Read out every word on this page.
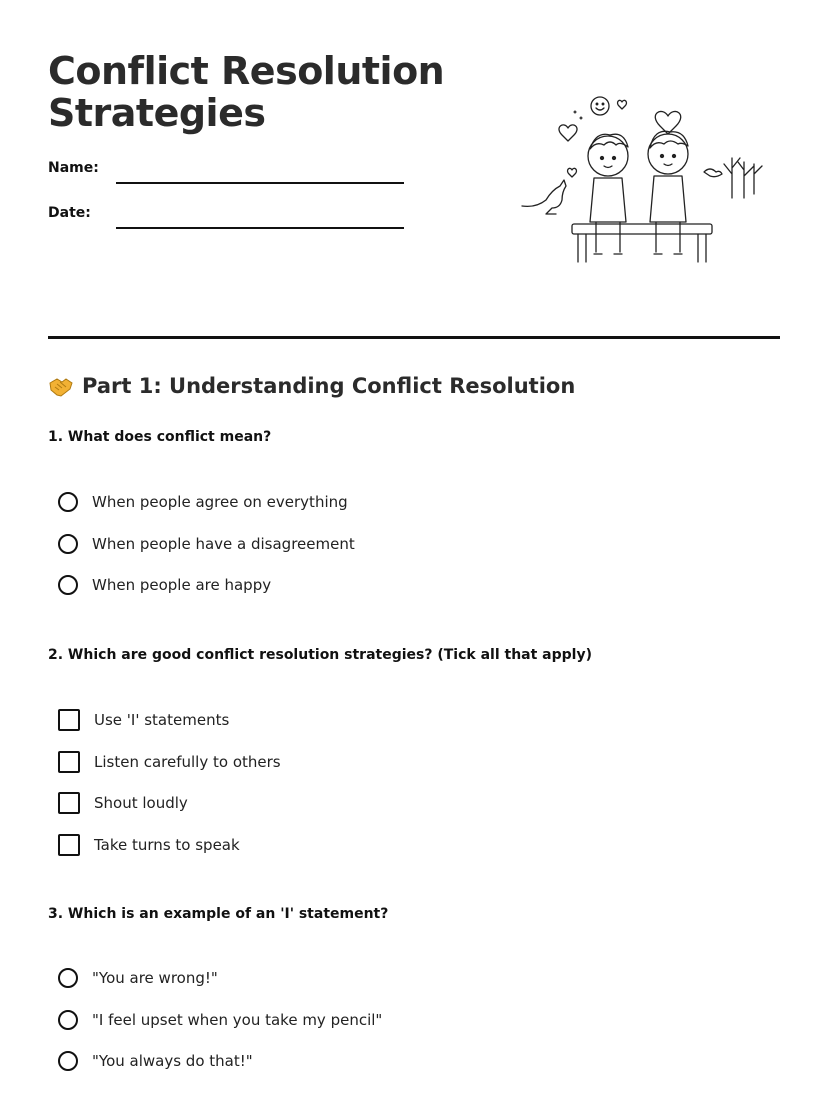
Conflict Resolution
Strategies
Name:
Date:
Part 1: Understanding Conflict Resolution

1. What does conflict mean?

When people agree on everything
When people have a disagreement
When people are happy

2. Which are good conflict resolution strategies? (Tick all that apply)

Use 'I' statements
Listen carefully to others
Shout loudly
Take turns to speak

3. Which is an example of an 'I' statement?

"You are wrong!"
"I feel upset when you take my pencil"
"You always do that!"
